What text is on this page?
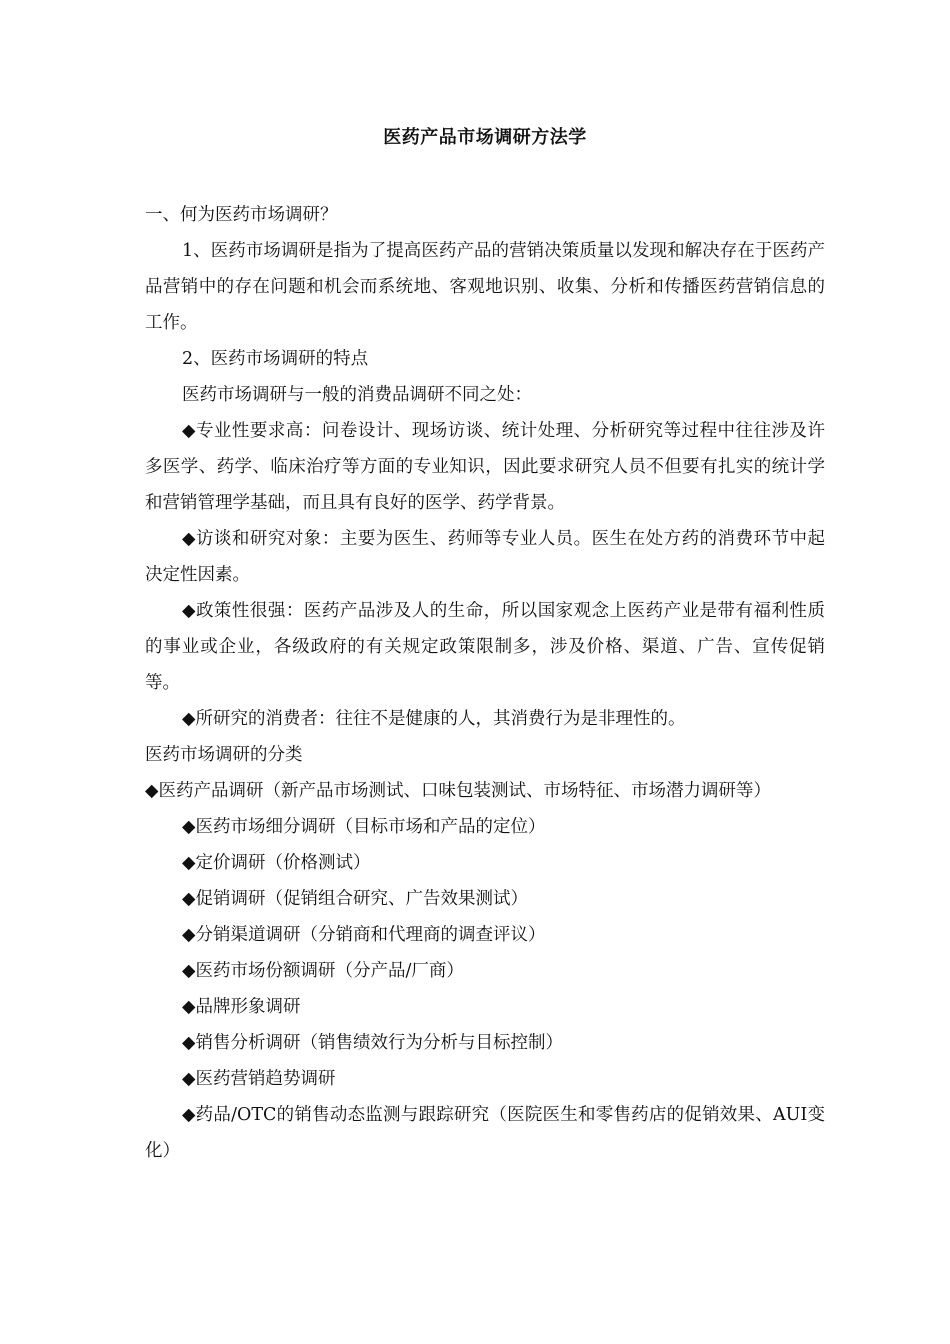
医药产品市场调研方法学

一、何为医药市场调研？

1、医药市场调研是指为了提高医药产品的营销决策质量以发现和解决存在于医药产品营销中的存在问题和机会而系统地、客观地识别、收集、分析和传播医药营销信息的工作。

2、医药市场调研的特点

医药市场调研与一般的消费品调研不同之处：

◆专业性要求高：问卷设计、现场访谈、统计处理、分析研究等过程中往往涉及许多医学、药学、临床治疗等方面的专业知识，因此要求研究人员不但要有扎实的统计学和营销管理学基础，而且具有良好的医学、药学背景。

◆访谈和研究对象：主要为医生、药师等专业人员。医生在处方药的消费环节中起决定性因素。

◆政策性很强：医药产品涉及人的生命，所以国家观念上医药产业是带有福利性质的事业或企业，各级政府的有关规定政策限制多，涉及价格、渠道、广告、宣传促销等。

◆所研究的消费者：往往不是健康的人，其消费行为是非理性的。

医药市场调研的分类

◆医药产品调研（新产品市场测试、口味包装测试、市场特征、市场潜力调研等）

◆医药市场细分调研（目标市场和产品的定位）

◆定价调研（价格测试）

◆促销调研（促销组合研究、广告效果测试）

◆分销渠道调研（分销商和代理商的调查评议）

◆医药市场份额调研（分产品/厂商）

◆品牌形象调研

◆销售分析调研（销售绩效行为分析与目标控制）

◆医药营销趋势调研

◆药品/OTC的销售动态监测与跟踪研究（医院医生和零售药店的促销效果、AUI变化）
